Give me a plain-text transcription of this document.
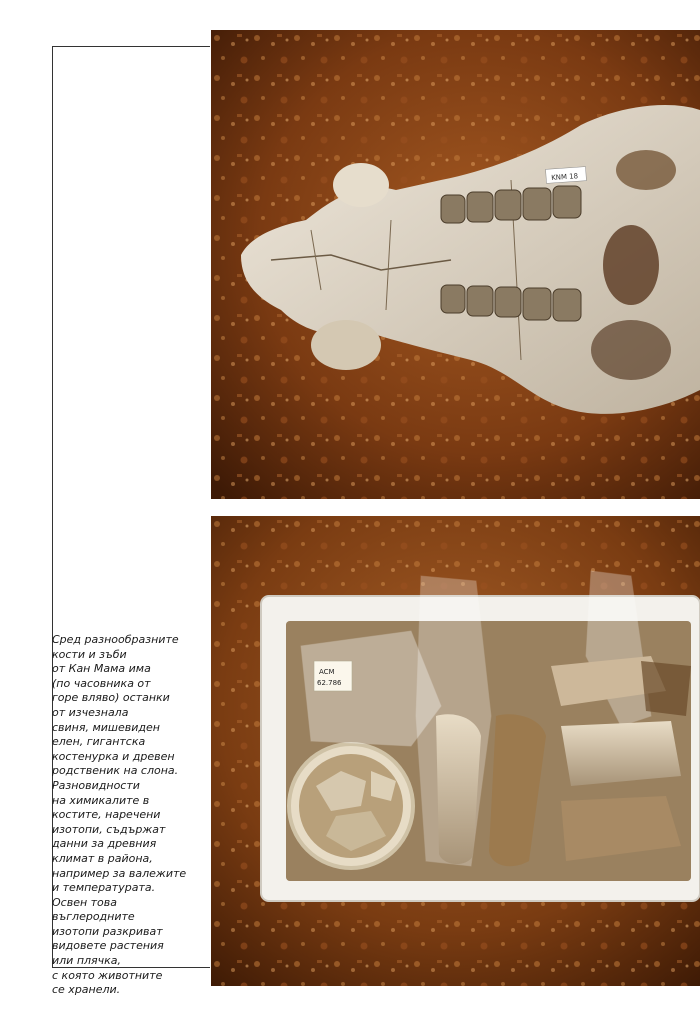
Сред разнообразните
кости и зъби
от Кан Мама има
(по часовника от
горе вляво) останки
от изчезнала
свиня, мишевиден
елен, гигантска
костенурка и древен
родственик на слона.
Разновидности
на химикалите в
костите, наречени
изотопи, съдържат
данни за древния
климат в района,
например за валежите
и температурата.
Освен това
въглеродните
изотопи разкриват
видовете растения
или плячка,
с която животните
се хранели.

KNM 18
ACM
62.786
